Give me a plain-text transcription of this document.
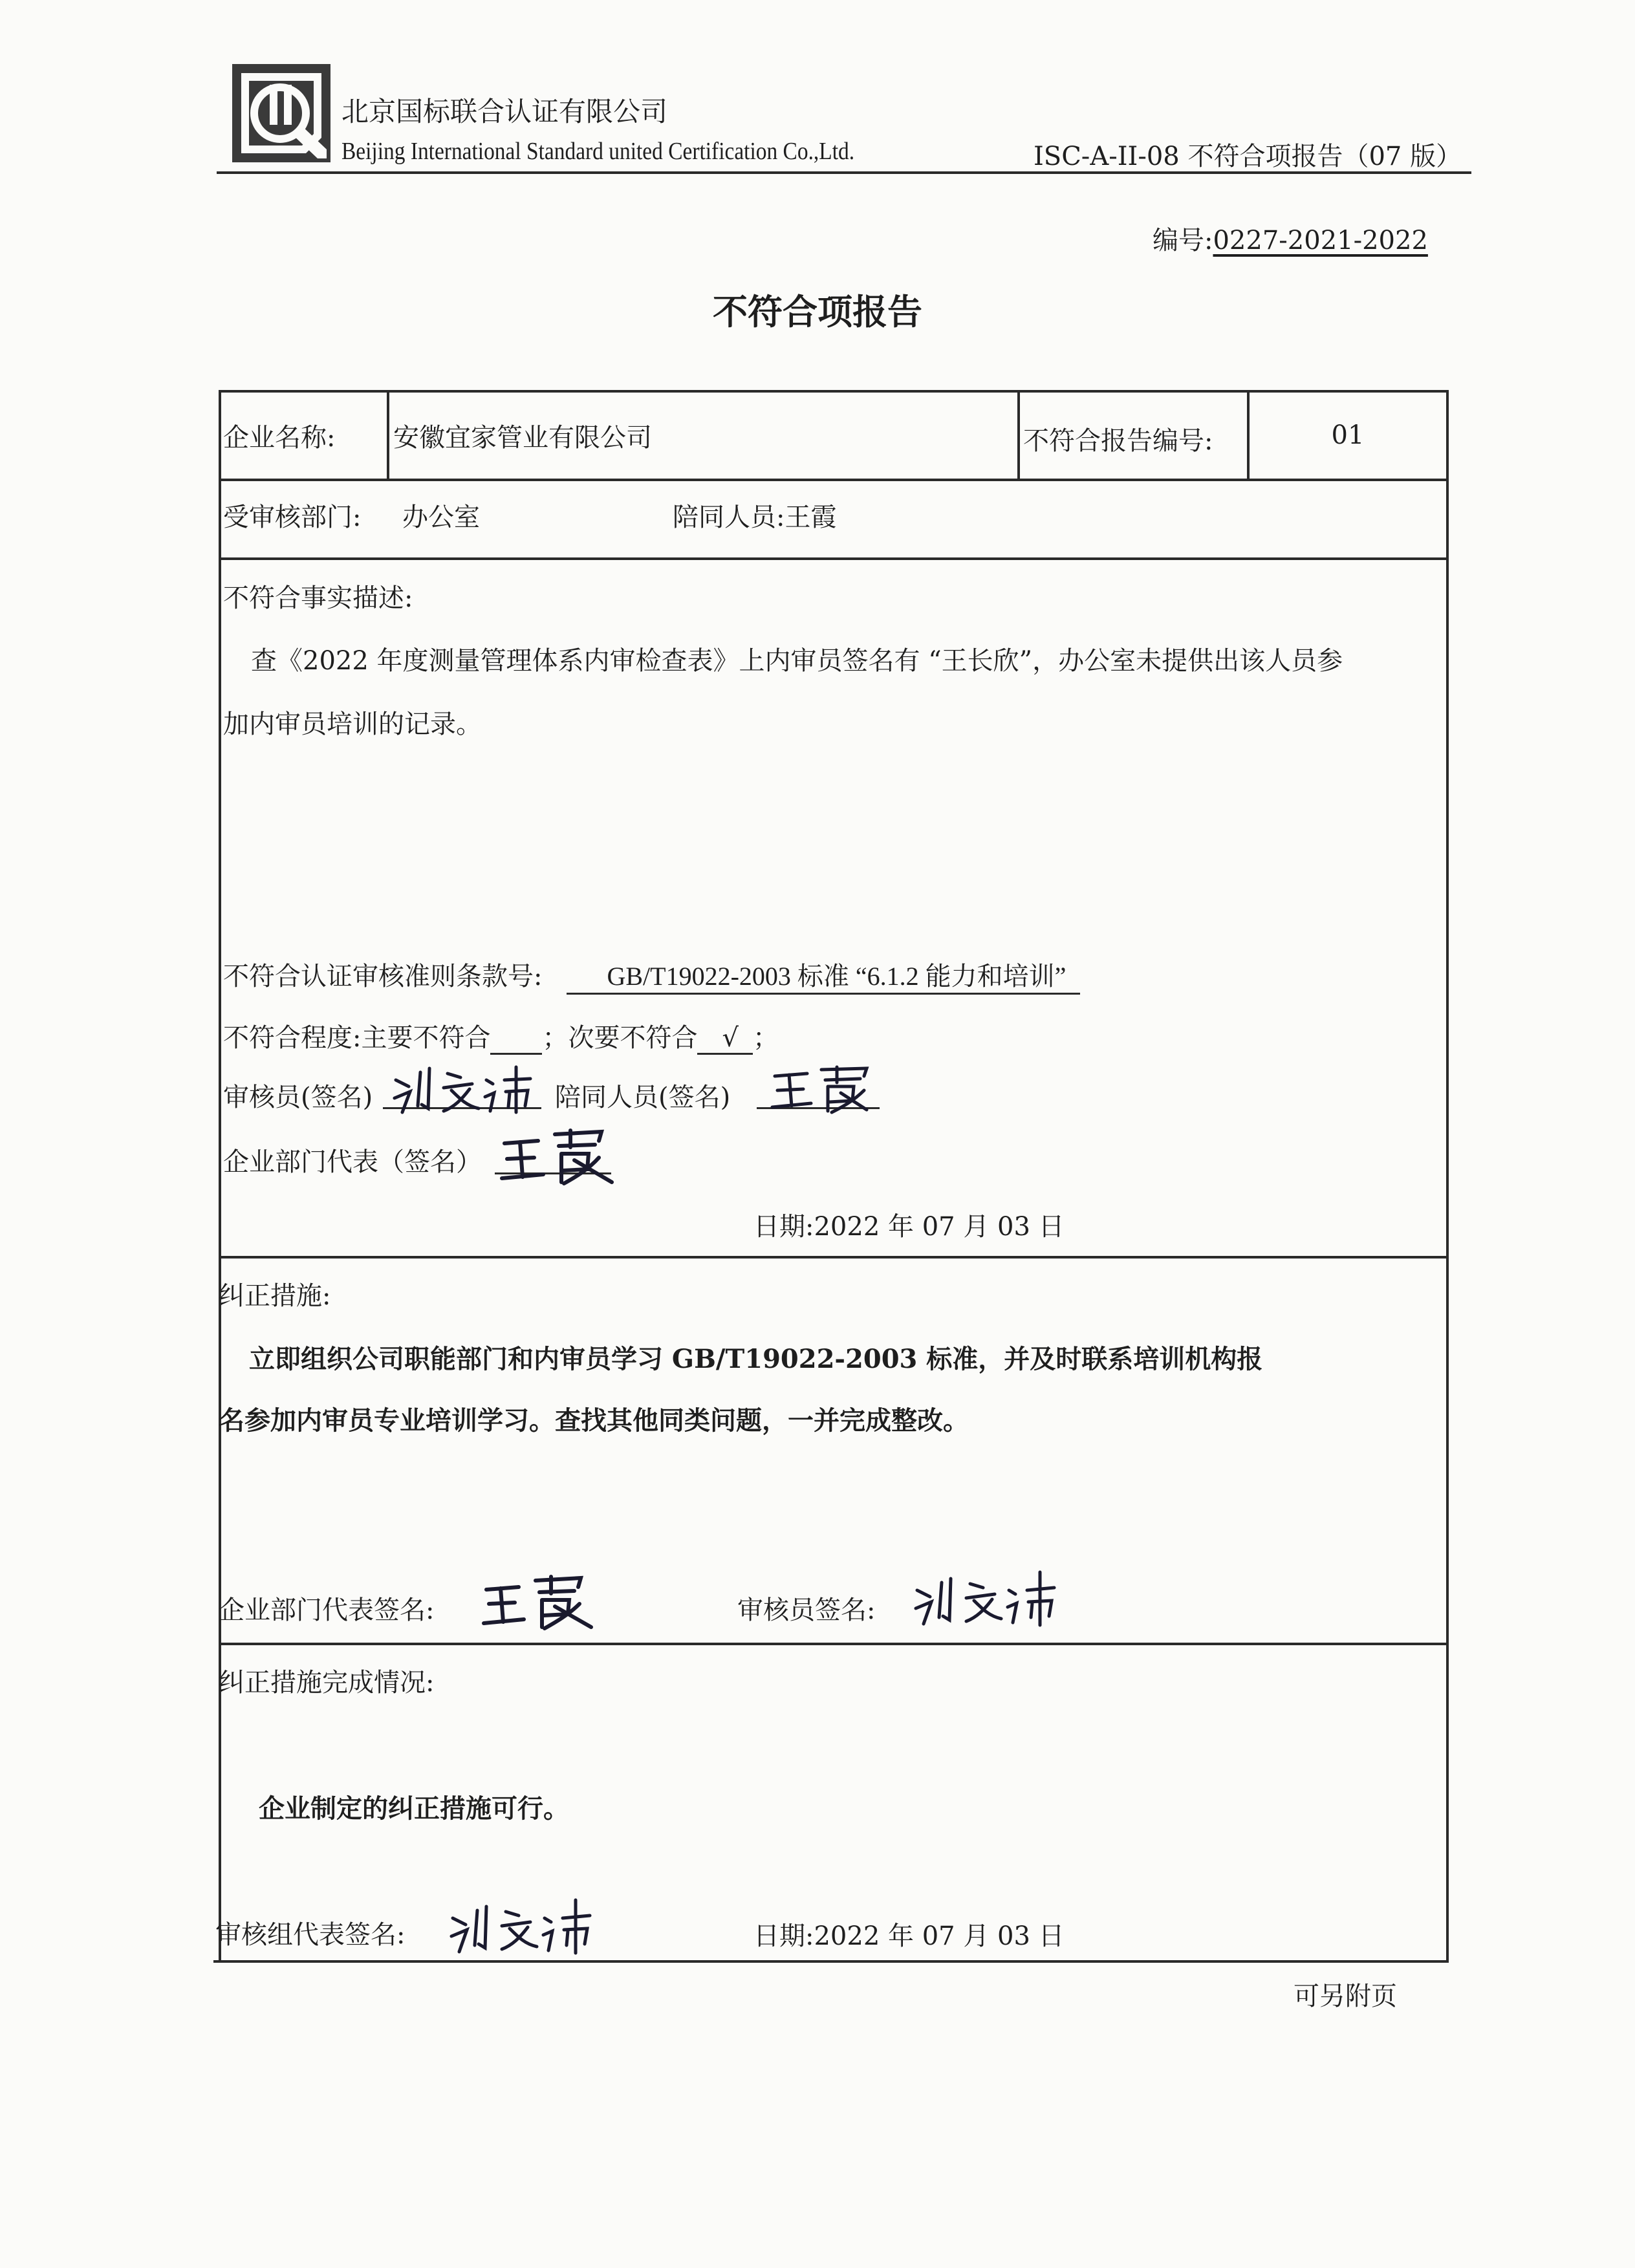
北京国标联合认证有限公司
Beijing International Standard united Certification Co.,Ltd.	ISC-A-II-08 不符合项报告（07 版）
编号:0227-2021-2022
不符合项报告
企业名称: 安徽宜家管业有限公司	不符合报告编号:	01
受审核部门: 办公室	陪同人员:王霞
不符合事实描述:
查《2022 年度测量管理体系内审检查表》上内审员签名有 “王长欣”，办公室未提供出该人员参
加内审员培训的记录。
不符合认证审核准则条款号:	GB/T19022-2003 标准 “6.1.2 能力和培训”
不符合程度:主要不符合 ；次要不符合 √ ；
审核员(签名)	陪同人员(签名)
企业部门代表（签名）
日期:2022 年 07 月 03 日
纠正措施:
立即组织公司职能部门和内审员学习 GB/T19022-2003 标准，并及时联系培训机构报
名参加内审员专业培训学习。查找其他同类问题，一并完成整改。
企业部门代表签名:	审核员签名:
纠正措施完成情况:
企业制定的纠正措施可行。
审核组代表签名:	日期:2022 年 07 月 03 日
可另附页
